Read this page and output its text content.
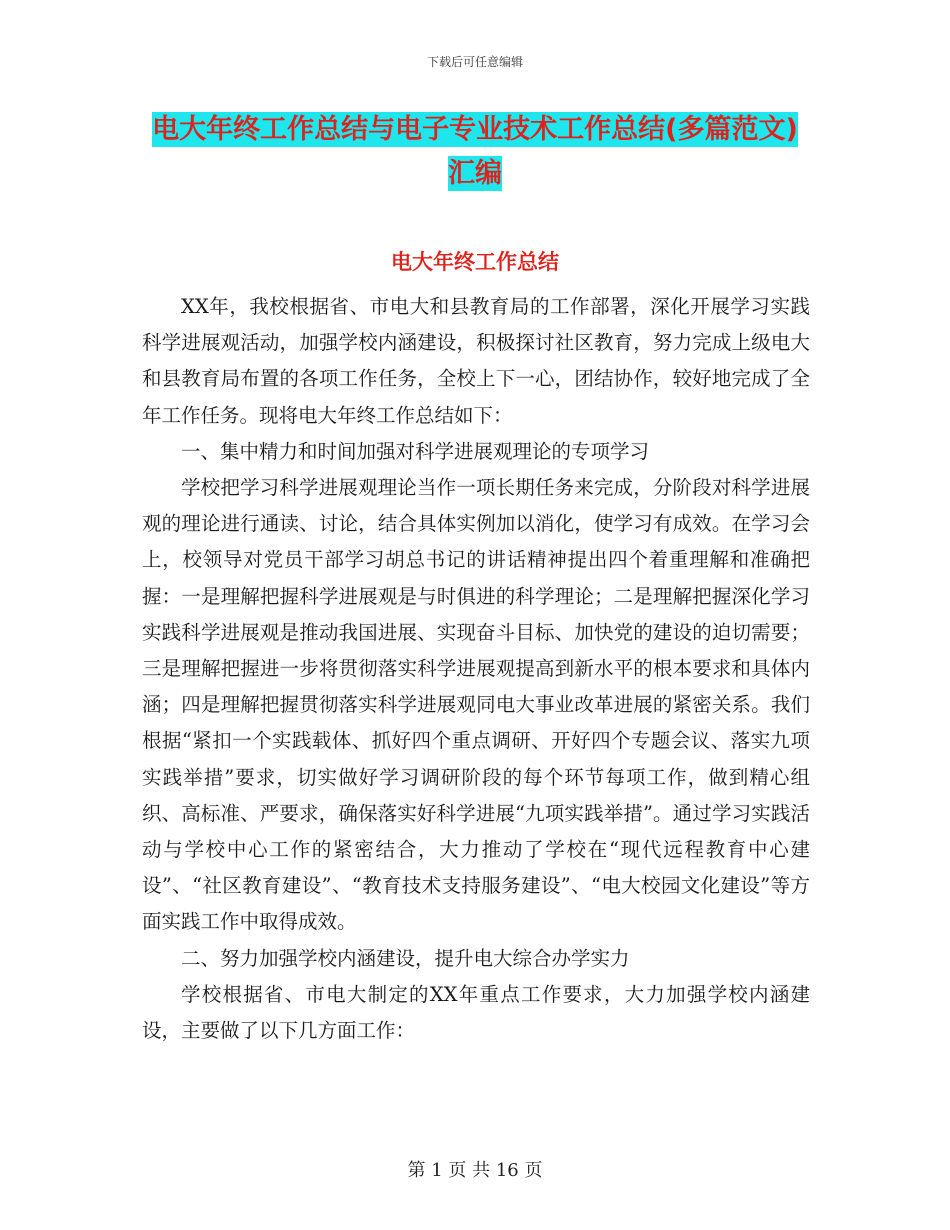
下载后可任意编辑
电大年终工作总结与电子专业技术工作总结(多篇范文)汇编
电大年终工作总结

XX年，我校根据省、市电大和县教育局的工作部署，深化开展学习实践科学进展观活动，加强学校内涵建设，积极探讨社区教育，努力完成上级电大和县教育局布置的各项工作任务，全校上下一心，团结协作，较好地完成了全年工作任务。现将电大年终工作总结如下：

一、集中精力和时间加强对科学进展观理论的专项学习

学校把学习科学进展观理论当作一项长期任务来完成，分阶段对科学进展观的理论进行通读、讨论，结合具体实例加以消化，使学习有成效。在学习会上，校领导对党员干部学习胡总书记的讲话精神提出四个着重理解和准确把握：一是理解把握科学进展观是与时俱进的科学理论；二是理解把握深化学习实践科学进展观是推动我国进展、实现奋斗目标、加快党的建设的迫切需要；三是理解把握进一步将贯彻落实科学进展观提高到新水平的根本要求和具体内涵；四是理解把握贯彻落实科学进展观同电大事业改革进展的紧密关系。我们根据“紧扣一个实践载体、抓好四个重点调研、开好四个专题会议、落实九项实践举措”要求，切实做好学习调研阶段的每个环节每项工作，做到精心组织、高标准、严要求，确保落实好科学进展“九项实践举措”。通过学习实践活动与学校中心工作的紧密结合，大力推动了学校在“现代远程教育中心建设”、“社区教育建设”、“教育技术支持服务建设”、“电大校园文化建设”等方面实践工作中取得成效。

二、努力加强学校内涵建设，提升电大综合办学实力

学校根据省、市电大制定的XX年重点工作要求，大力加强学校内涵建设，主要做了以下几方面工作：

第 1 页 共 16 页
